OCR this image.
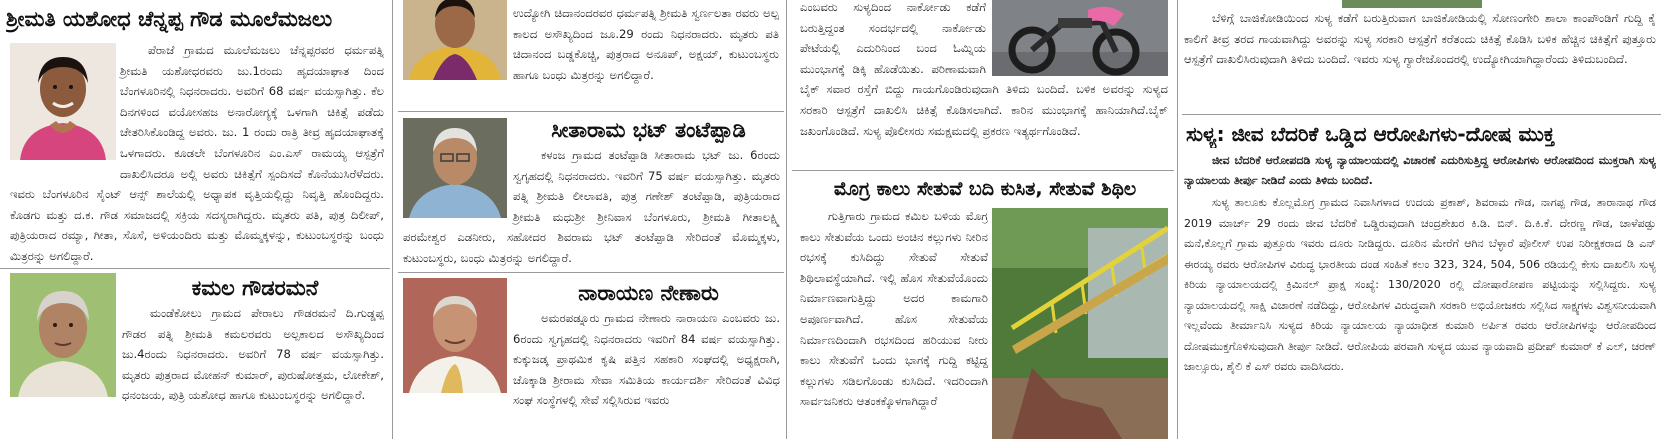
ಶ್ರೀಮತಿ ಯಶೋಧ ಚೆನ್ನಪ್ಪ ಗೌಡ ಮೂಲೆಮಜಲು

ಪೆರಾಜೆ ಗ್ರಾಮದ ಮೂಲೆಮಜಲು ಚೆನ್ನಪ್ಪರವರ ಧರ್ಮಪತ್ನಿ ಶ್ರೀಮತಿ ಯಶೋಧರವರು ಜು.1ರಂದು ಹೃದಯಾಘಾತ ದಿಂದ ಬೆಂಗಳೂರಿನಲ್ಲಿ ನಿಧನರಾದರು. ಅವರಿಗೆ 68 ವರ್ಷ ವಯಸ್ಸಾಗಿತ್ತು. ಕೆಲ ದಿನಗಳಿಂದ ವಯೋಸಹಜ ಅನಾರೋಗ್ಯಕ್ಕೆ ಒಳಗಾಗಿ ಚಿಕಿತ್ಸೆ ಪಡೆದು ಚೇತರಿಸಿಕೊಂಡಿದ್ದ ಅವರು. ಜು. 1 ರಂದು ರಾತ್ರಿ ತೀವ್ರ ಹೃದಯಾಘಾತಕ್ಕೆ ಒಳಗಾದರು. ಕೂಡಲೇ ಬೆಂಗಳೂರಿನ ಎಂ.ಎಸ್ ರಾಮಯ್ಯ ಆಸ್ಪತ್ರೆಗೆ ದಾಖಲಿಸಿದರೂ ಅಲ್ಲಿ ಅವರು ಚಿಕಿತ್ಸೆಗೆ ಸ್ಪಂದಿಸದೆ ಕೊನೆಯುಸಿರೆಳೆದರು. ಇವರು ಬೆಂಗಳೂರಿನ ಸೈಂಟ್ ಆನ್ಸ್ ಶಾಲೆಯಲ್ಲಿ ಅಧ್ಯಾಪಕ ವೃತ್ತಿಯಲ್ಲಿದ್ದು ನಿವೃತ್ತಿ ಹೊಂದಿದ್ದರು. ಕೊಡಗು ಮತ್ತು ದ.ಕ. ಗೌಡ ಸಮಾಜದಲ್ಲಿ ಸಕ್ರಿಯ ಸದಸ್ಯರಾಗಿದ್ದರು. ಮೃತರು ಪತಿ, ಪುತ್ರ ದಿಲೀಪ್, ಪುತ್ರಿಯರಾದ ರಮ್ಯಾ, ಗೀತಾ, ಸೊಸೆ, ಅಳಿಯಂದಿರು ಮತ್ತು ಮೊಮ್ಮಕ್ಕಳನ್ನು, ಕುಟುಂಬಸ್ಥರನ್ನು ಬಂಧು ಮಿತ್ರರನ್ನು ಅಗಲಿದ್ದಾರೆ.

ಕಮಲ ಗೌಡರಮನೆ

ಮಂಡೆಕೋಲು ಗ್ರಾಮದ ಪೇರಾಲು ಗೌಡರಮನೆ ದಿ.ಗುಡ್ಡಪ್ಪ ಗೌಡರ ಪತ್ನಿ ಶ್ರೀಮತಿ ಕಮಲರವರು ಅಲ್ಪಕಾಲದ ಅಸೌಖ್ಯದಿಂದ ಜು.4ರಂದು ನಿಧನರಾದರು. ಅವರಿಗೆ 78 ವರ್ಷ ವಯಸ್ಸಾಗಿತ್ತು. ಮೃತರು ಪುತ್ರರಾದ ಮೋಹನ್ ಕುಮಾರ್, ಪುರುಷೋತ್ತಮ, ಲೋಕೇಶ್, ಧನಂಜಯ, ಪುತ್ರಿ ಯಶೋಧ ಹಾಗೂ ಕುಟುಂಬಸ್ಥರನ್ನು ಅಗಲಿದ್ದಾರೆ.

ಉದ್ಯೋಗಿ ಚಿದಾನಂದರವರ ಧರ್ಮಪತ್ನಿ ಶ್ರೀಮತಿ ಸ್ವರ್ಣಲತಾ ರವರು ಅಲ್ಪ ಕಾಲದ ಅಸೌಖ್ಯದಿಂದ ಜೂ.29 ರಂದು ನಿಧನರಾದರು. ಮೃತರು ಪತಿ ಚಿದಾನಂದ ಬಡ್ಡಕೊಚ್ಚಿ, ಪುತ್ರರಾದ ಅನೂಪ್, ಅಕ್ಷಯ್, ಕುಟುಂಬಸ್ಥರು ಹಾಗೂ ಬಂಧು ಮಿತ್ರರನ್ನು ಅಗಲಿದ್ದಾರೆ.

ಸೀತಾರಾಮ ಭಟ್ ತಂಟೆಪ್ಪಾಡಿ

ಕಳಂಜ ಗ್ರಾಮದ ತಂಟೆಪ್ಪಾಡಿ ಸೀತಾರಾಮ ಭಟ್ ಜು. 6ರಂದು ಸ್ವಗೃಹದಲ್ಲಿ ನಿಧನರಾದರು. ಇವರಿಗೆ 75 ವರ್ಷ ವಯಸ್ಸಾಗಿತ್ತು. ಮೃತರು ಪತ್ನಿ ಶ್ರೀಮತಿ ಲೀಲಾವತಿ, ಪುತ್ರ ಗಣೇಶ್ ತಂಟೆಪ್ಪಾಡಿ, ಪುತ್ರಿಯರಾದ ಶ್ರೀಮತಿ ಮಧುಶ್ರೀ ಶ್ರೀನಿವಾಸ ಬೆಂಗಳೂರು, ಶ್ರೀಮತಿ ಗೀತಾಲಕ್ಷ್ಮಿ ಪರಮೇಶ್ವರ ಎಡನೀರು, ಸಹೋದರ ಶಿವರಾಮ ಭಟ್ ತಂಟೆಪ್ಪಾಡಿ ಸೇರಿದಂತೆ ಮೊಮ್ಮಕ್ಕಳು, ಕುಟುಂಬಸ್ಥರು, ಬಂಧು ಮಿತ್ರರನ್ನು ಅಗಲಿದ್ದಾರೆ.

ನಾರಾಯಣ ನೇಣಾರು

ಅಮರಪಡ್ನೂರು ಗ್ರಾಮದ ನೇಣಾರು ನಾರಾಯಣ ಎಂಬವರು ಜು. 6ರಂದು ಸ್ವಗೃಹದಲ್ಲಿ ನಿಧನರಾದರು ಇವರಿಗೆ 84 ವರ್ಷ ವಯಸ್ಸಾಗಿತ್ತು. ಕುಕ್ಕುಜಡ್ಕ ಪ್ರಾಥಮಿಕ ಕೃಷಿ ಪತ್ತಿನ ಸಹಕಾರಿ ಸಂಘದಲ್ಲಿ ಅಧ್ಯಕ್ಷರಾಗಿ, ಚೊಕ್ಕಾಡಿ ಶ್ರೀರಾಮ ಸೇವಾ ಸಮಿತಿಯ ಕಾರ್ಯದರ್ಶಿ ಸೇರಿದಂತೆ ವಿವಿಧ ಸಂಘ ಸಂಸ್ಥೆಗಳಲ್ಲಿ ಸೇವೆ ಸಲ್ಲಿಸಿರುವ ಇವರು

ಎಂಬವರು ಸುಳ್ಯದಿಂದ ನಾರ್ಕೋಡು ಕಡೆಗೆ ಬರುತ್ತಿದ್ದಂತ ಸಂದರ್ಭದಲ್ಲಿ ನಾರ್ಕೋಡು ಪೇಟೆಯಲ್ಲಿ ಎದುರಿನಿಂದ ಬಂದ ಓಮ್ನಿಯ ಮುಂಭಾಗಕ್ಕೆ ಡಿಕ್ಕಿ ಹೊಡೆಯಿತು. ಪರಿಣಾಮವಾಗಿ ಬೈಕ್ ಸವಾರ ರಸ್ತೆಗೆ ಬಿದ್ದು ಗಾಯಗೊಂಡಿರುವುದಾಗಿ ತಿಳಿದು ಬಂದಿದೆ. ಬಳಿಕ ಅವರನ್ನು ಸುಳ್ಯದ ಸರಕಾರಿ ಆಸ್ಪತ್ರೆಗೆ ದಾಖಲಿಸಿ ಚಿಕಿತ್ಸೆ ಕೊಡಿಸಲಾಗಿದೆ. ಕಾರಿನ ಮುಂಭಾಗಕ್ಕೆ ಹಾನಿಯಾಗಿದೆ.ಬೈಕ್ ಜಖಂಗೊಂಡಿದೆ. ಸುಳ್ಯ ಪೊಲೀಸರು ಸಮಕ್ಷಮದಲ್ಲಿ ಪ್ರಕರಣ ಇತ್ಯರ್ಥಗೊಂಡಿದೆ.

ಮೊಗ್ರ ಕಾಲು ಸೇತುವೆ ಬದಿ ಕುಸಿತ, ಸೇತುವೆ ಶಿಥಿಲ

ಗುತ್ತಿಗಾರು ಗ್ರಾಮದ ಕಮಿಲ ಬಳಿಯ ಮೊಗ್ರ ಕಾಲು ಸೇತುವೆಯ ಒಂದು ಅಂಚಿನ ಕಲ್ಲುಗಳು ನೀರಿನ ರಭಸಕ್ಕೆ ಕುಸಿದಿದ್ದು ಸೇತುವೆ ಸೇತುವೆ ಶಿಥಿಲಾವಸ್ಥೆಯಾಗಿದೆ. ಇಲ್ಲಿ ಹೊಸ ಸೇತುವೆಯೊಂದು ನಿರ್ಮಾಣವಾಗುತ್ತಿದ್ದು ಅದರ ಕಾಮಗಾರಿ ಅಪೂರ್ಣವಾಗಿದೆ. ಹೊಸ ಸೇತುವೆಯ ನಿರ್ಮಾಣದಿಂದಾಗಿ ರಭಸದಿಂದ ಹರಿಯುವ ನೀರು ಕಾಲು ಸೇತುವೆಗೆ ಒಂದು ಭಾಗಕ್ಕೆ ಗುದ್ದಿ ಕಟ್ಟಿದ್ದ ಕಲ್ಲುಗಳು ಸಡಿಲಗೊಂಡು ಕುಸಿದಿದೆ. ಇದರಿಂದಾಗಿ ಸಾರ್ವಜನಿಕರು ಆತಂಕಕ್ಕೊಳಗಾಗಿದ್ದಾರೆ

ಬೆಳಿಗ್ಗೆ ಬಾಜಿಕೋಡಿಯಿಂದ ಸುಳ್ಯ ಕಡೆಗೆ ಬರುತ್ತಿರುವಾಗ ಬಾಜಿಕೋಡಿಯಲ್ಲಿ ಸೋಣಂಗೇರಿ ಶಾಲಾ ಕಾಂಪೌಂಡಿಗೆ ಗುದ್ದಿ ಕೈ ಕಾಲಿಗೆ ತೀವ್ರ ತರದ ಗಾಯವಾಗಿದ್ದು ಅವರನ್ನು ಸುಳ್ಯ ಸರಕಾರಿ ಆಸ್ಪತ್ರೆಗೆ ಕರೆತಂದು ಚಿಕಿತ್ಸೆ ಕೊಡಿಸಿ ಬಳಿಕ ಹೆಚ್ಚಿನ ಚಿಕಿತ್ಸೆಗೆ ಪುತ್ತೂರು ಆಸ್ಪತ್ರೆಗೆ ದಾಖಲಿಸಿರುವುದಾಗಿ ತಿಳಿದು ಬಂದಿದೆ. ಇವರು ಸುಳ್ಯ ಗ್ಯಾರೇಜೊಂದರಲ್ಲಿ ಉದ್ಯೋಗಿಯಾಗಿದ್ದಾರೆಂದು ತಿಳಿದುಬಂದಿದೆ.

ಸುಳ್ಯ: ಜೀವ ಬೆದರಿಕೆ ಒಡ್ಡಿದ ಆರೋಪಿಗಳು-ದೋಷ ಮುಕ್ತ

ಜೀವ ಬೆದರಿಕೆ ಆರೋಪದಡಿ ಸುಳ್ಯ ನ್ಯಾಯಾಲಯದಲ್ಲಿ ವಿಚಾರಣೆ ಎದುರಿಸುತ್ತಿದ್ದ ಆರೋಪಿಗಳು ಆರೋಪದಿಂದ ಮುಕ್ತರಾಗಿ ಸುಳ್ಯ ನ್ಯಾಯಾಲಯ ತೀರ್ಪು ನೀಡಿದೆ ಎಂದು ತಿಳಿದು ಬಂದಿದೆ.

ಸುಳ್ಯ ತಾಲೂಕು ಕೊಲ್ಲಮೊಗ್ರ ಗ್ರಾಮದ ನಿವಾಸಿಗಳಾದ ಉದಯ ಪ್ರಕಾಶ್, ಶಿವರಾಮ ಗೌಡ, ನಾಗಪ್ಪ ಗೌಡ, ತಾರಾನಾಥ ಗೌಡ 2019 ಮಾರ್ಚ್ 29 ರಂದು ಜೀವ ಬೆದರಿಕೆ ಒಡ್ಡಿರುವುದಾಗಿ ಚಂದ್ರಶೇಖರ ಕಿ.ಡಿ. ಬಿನ್. ದಿ.ಕಿ.ಕೆ. ದೇರಣ್ಣ ಗೌಡ, ಚಾಳೆಪಡ್ಪು ಮನೆ,ಕೊಲ್ಲಗೆ ಗ್ರಾಮ ಪುತ್ತೂರು ಇವರು ದೂರು ನೀಡಿದ್ದರು. ದೂರಿನ ಮೇರೆಗೆ ಆಗಿನ ಬೆಳ್ಳಾರೆ ಪೊಲೀಸ್ ಉಪ ನಿರೀಕ್ಷಕರಾದ ಡಿ ಎನ್ ಈರಯ್ಯ ರವರು ಆರೋಪಿಗಳ ವಿರುದ್ಧ ಭಾರತೀಯ ದಂಡ ಸಂಹಿತೆ ಕಲಂ 323, 324, 504, 506 ರಡಿಯಲ್ಲಿ ಕೇಸು ದಾಖಲಿಸಿ ಸುಳ್ಯ ಕಿರಿಯ ನ್ಯಾಯಾಲಯದಲ್ಲಿ ಕ್ರಿಮಿನಲ್ ಪ್ರಾಕ್ಷ ಸಂಖ್ಯೆ: 130/2020 ರಲ್ಲಿ ದೋಷಾರೋಪಣ ಪಟ್ಟಿಯನ್ನು ಸಲ್ಲಿಸಿದ್ದರು. ಸುಳ್ಯ ನ್ಯಾಯಾಲಯದಲ್ಲಿ ಸಾಕ್ಷಿ ವಿಚಾರಣೆ ನಡೆದಿದ್ದು, ಆರೋಪಿಗಳ ವಿರುದ್ಧವಾಗಿ ಸರಕಾರಿ ಅಭಿಯೋಜಕರು ಸಲ್ಲಿಸಿದ ಸಾಕ್ಷ್ಯಗಳು ವಿಶ್ವಸನೀಯವಾಗಿ ಇಲ್ಲವೆಂದು ತೀರ್ಮಾನಿಸಿ ಸುಳ್ಯದ ಕಿರಿಯ ನ್ಯಾಯಾಲಯ ನ್ಯಾಯಾಧೀಶ ಕುಮಾರಿ ಅರ್ಪಿತ ರವರು ಆರೋಪಿಗಳನ್ನು ಆರೋಪದಿಂದ ದೋಷಮುಕ್ತಗೊಳಿಸುವುದಾಗಿ ತೀರ್ಪು ನೀಡಿದೆ. ಆರೋಪಿಯ ಪರವಾಗಿ ಸುಳ್ಯದ ಯುವ ನ್ಯಾಯವಾದಿ ಪ್ರದೀಪ್ ಕುಮಾರ್ ಕೆ ಎಲ್, ಚರಣ್ ಜಾಲ್ಸೂರು, ಶೈಲಿ ಕೆ ಎಸ್ ರವರು ವಾದಿಸಿದರು.
